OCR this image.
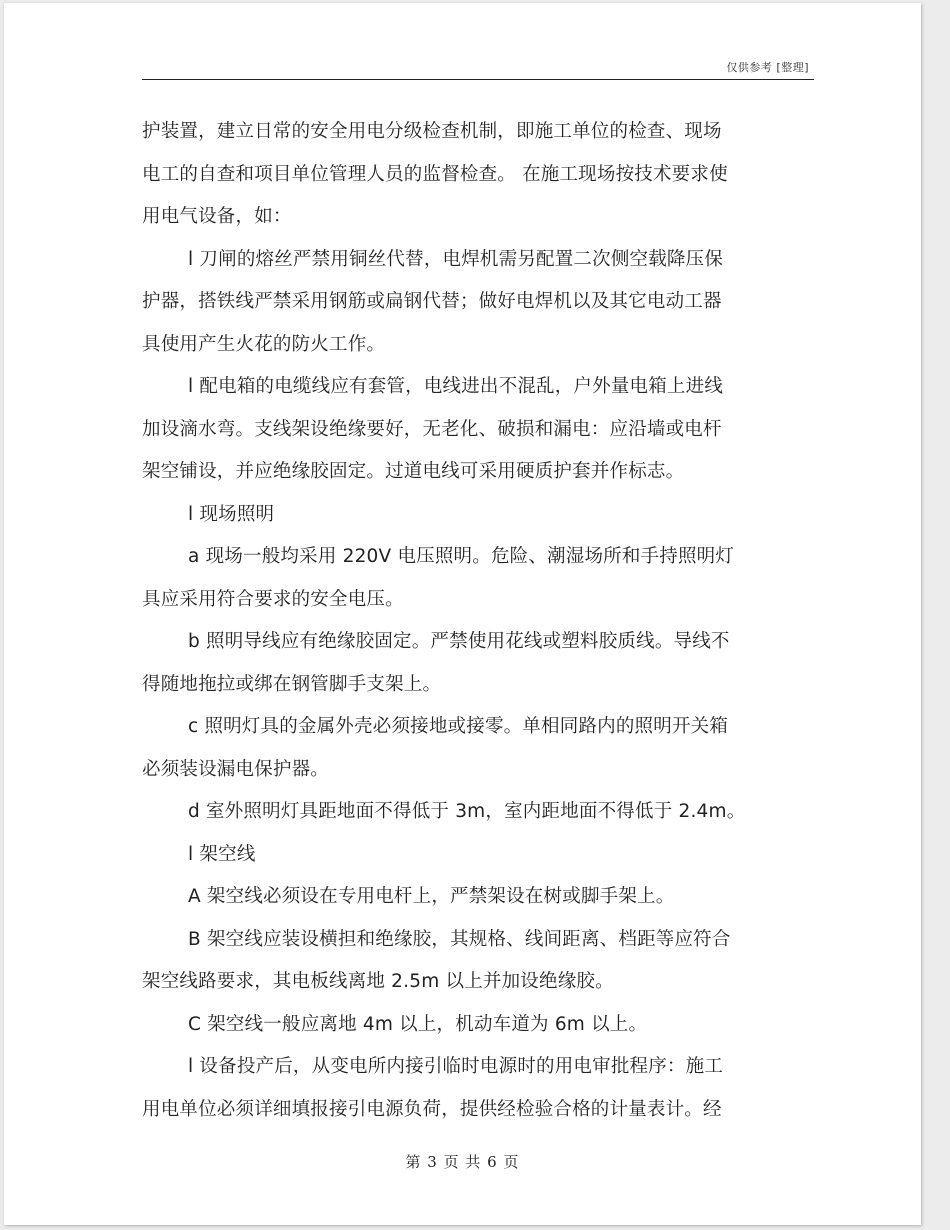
仅供参考 [整理]
护装置，建立日常的安全用电分级检查机制，即施工单位的检查、现场
电工的自查和项目单位管理人员的监督检查。 在施工现场按技术要求使
用电气设备，如：
l 刀闸的熔丝严禁用铜丝代替，电焊机需另配置二次侧空载降压保
护器，搭铁线严禁采用钢筋或扁钢代替；做好电焊机以及其它电动工器
具使用产生火花的防火工作。
l 配电箱的电缆线应有套管，电线进出不混乱，户外量电箱上进线
加设滴水弯。支线架设绝缘要好，无老化、破损和漏电：应沿墙或电杆
架空铺设，并应绝缘胶固定。过道电线可采用硬质护套并作标志。
l 现场照明
a 现场一般均采用 220V 电压照明。危险、潮湿场所和手持照明灯
具应采用符合要求的安全电压。
b 照明导线应有绝缘胶固定。严禁使用花线或塑料胶质线。导线不
得随地拖拉或绑在钢管脚手支架上。
c 照明灯具的金属外壳必须接地或接零。单相同路内的照明开关箱
必须装设漏电保护器。
d 室外照明灯具距地面不得低于 3m，室内距地面不得低于 2.4m。
l 架空线
A 架空线必须设在专用电杆上，严禁架设在树或脚手架上。
B 架空线应装设横担和绝缘胶，其规格、线间距离、档距等应符合
架空线路要求，其电板线离地 2.5m 以上并加设绝缘胶。
C 架空线一般应离地 4m 以上，机动车道为 6m 以上。
l 设备投产后，从变电所内接引临时电源时的用电审批程序：施工
用电单位必须详细填报接引电源负荷，提供经检验合格的计量表计。经
第 3 页 共 6 页
